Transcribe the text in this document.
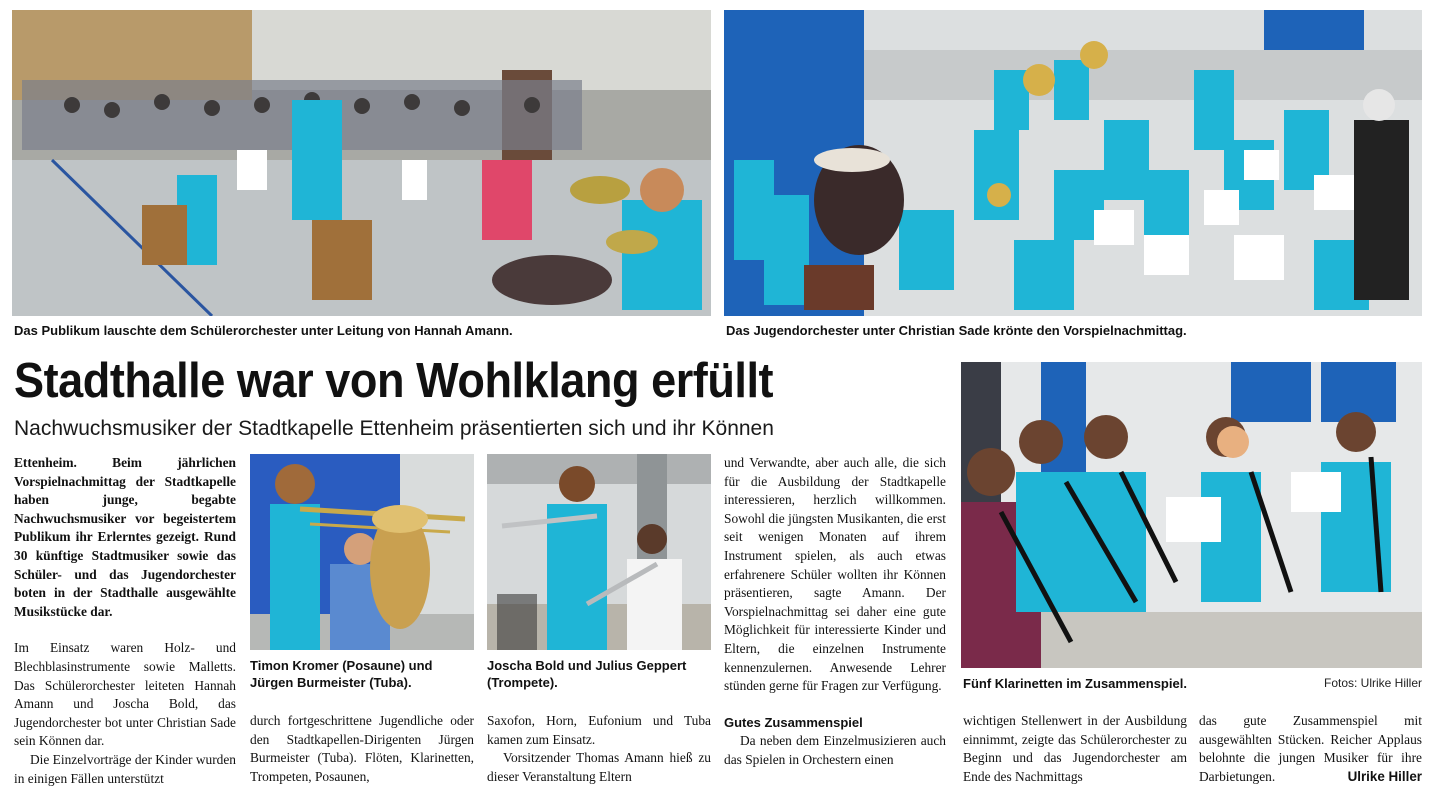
Das Publikum lauschte dem Schülerorchester unter Leitung von Hannah Amann.	Das Jugendorchester unter Christian Sade krönte den Vorspielnachmittag.
Stadthalle war von Wohlklang erfüllt
Nachwuchsmusiker der Stadtkapelle Ettenheim präsentierten sich und ihr Können

Ettenheim. Beim jährlichen Vorspielnachmittag der Stadtkapelle haben junge, begabte Nachwuchsmusiker vor begeistertem Publikum ihr Erlerntes gezeigt. Rund 30 künftige Stadtmusiker sowie das Schüler- und das Jugendorchester boten in der Stadthalle ausgewählte Musikstücke dar.

Im Einsatz waren Holz- und Blechblasinstrumente sowie Malletts. Das Schülerorchester leiteten Hannah Amann und Joscha Bold, das Jugendorchester bot unter Christian Sade sein Können dar.

Die Einzelvorträge der Kinder wurden in einigen Fällen unterstützt

Timon Kromer (Posaune) und Jürgen Burmeister (Tuba).

durch fortgeschrittene Jugendliche oder den Stadtkapellen-Dirigenten Jürgen Burmeister (Tuba). Flöten, Klarinetten, Trompeten, Posaunen,

Joscha Bold und Julius Geppert (Trompete).

Saxofon, Horn, Eufonium und Tuba kamen zum Einsatz.

Vorsitzender Thomas Amann hieß zu dieser Veranstaltung Eltern

und Verwandte, aber auch alle, die sich für die Ausbildung der Stadtkapelle interessieren, herzlich willkommen. Sowohl die jüngsten Musikanten, die erst seit wenigen Monaten auf ihrem Instrument spielen, als auch etwas erfahrenere Schüler wollten ihr Können präsentieren, sagte Amann. Der Vorspielnachmittag sei daher eine gute Möglichkeit für interessierte Kinder und Eltern, die einzelnen Instrumente kennenzulernen. Anwesende Lehrer stünden gerne für Fragen zur Verfügung.

Gutes Zusammenspiel

Da neben dem Einzelmusizieren auch das Spielen in Orchestern einen

Fünf Klarinetten im Zusammenspiel.	Fotos: Ulrike Hiller

wichtigen Stellenwert in der Ausbildung einnimmt, zeigte das Schülerorchester zu Beginn und das Jugendorchester am Ende des Nachmittags

das gute Zusammenspiel mit ausgewählten Stücken. Reicher Applaus belohnte die jungen Musiker für ihre Darbietungen.	Ulrike Hiller
